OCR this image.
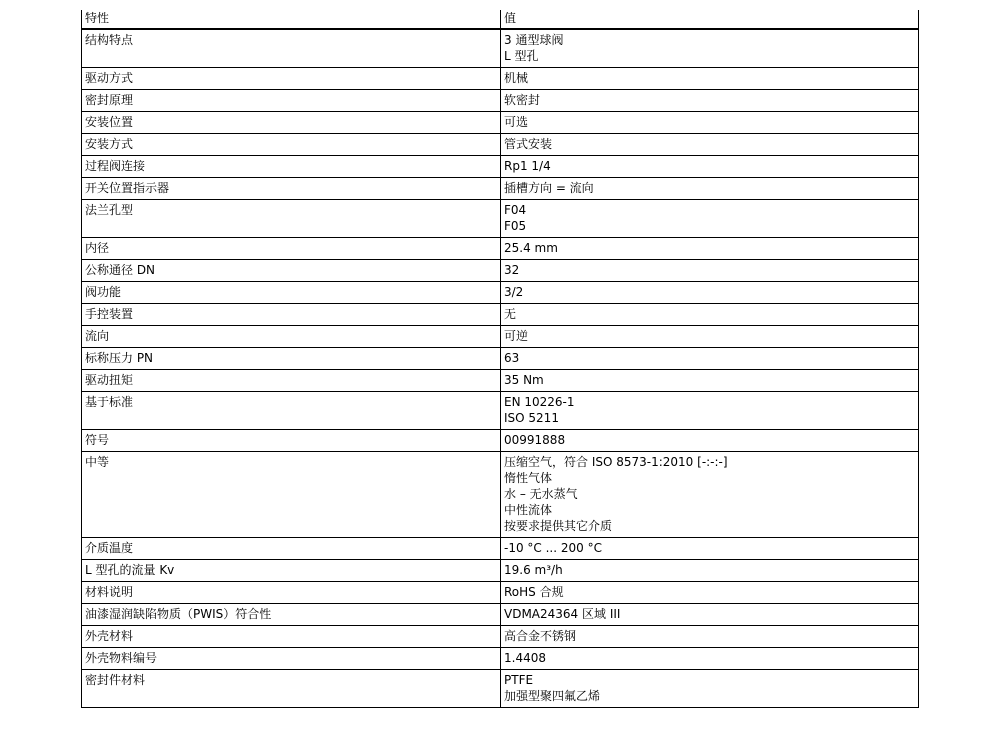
特性	值
结构特点	3 通型球阀
L 型孔

驱动方式	机械

密封原理	软密封

安装位置	可选

安装方式	管式安装

过程阀连接	Rp1 1/4

开关位置指示器	插槽方向 = 流向

法兰孔型	F04
F05

内径	25.4 mm

公称通径 DN	32

阀功能	3/2

手控装置	无

流向	可逆

标称压力 PN	63

驱动扭矩	35 Nm

基于标准	EN 10226-1
ISO 5211

符号	00991888

中等	压缩空气，符合 ISO 8573-1:2010 [-:-:-]
惰性气体
水 – 无水蒸气
中性流体
按要求提供其它介质

介质温度	-10 °C ... 200 °C

L 型孔的流量 Kv	19.6 m³/h

材料说明	RoHS 合规

油漆湿润缺陷物质（PWIS）符合性	VDMA24364 区域 III

外壳材料	高合金不锈钢

外壳物料编号	1.4408

密封件材料	PTFE
加强型聚四氟乙烯
